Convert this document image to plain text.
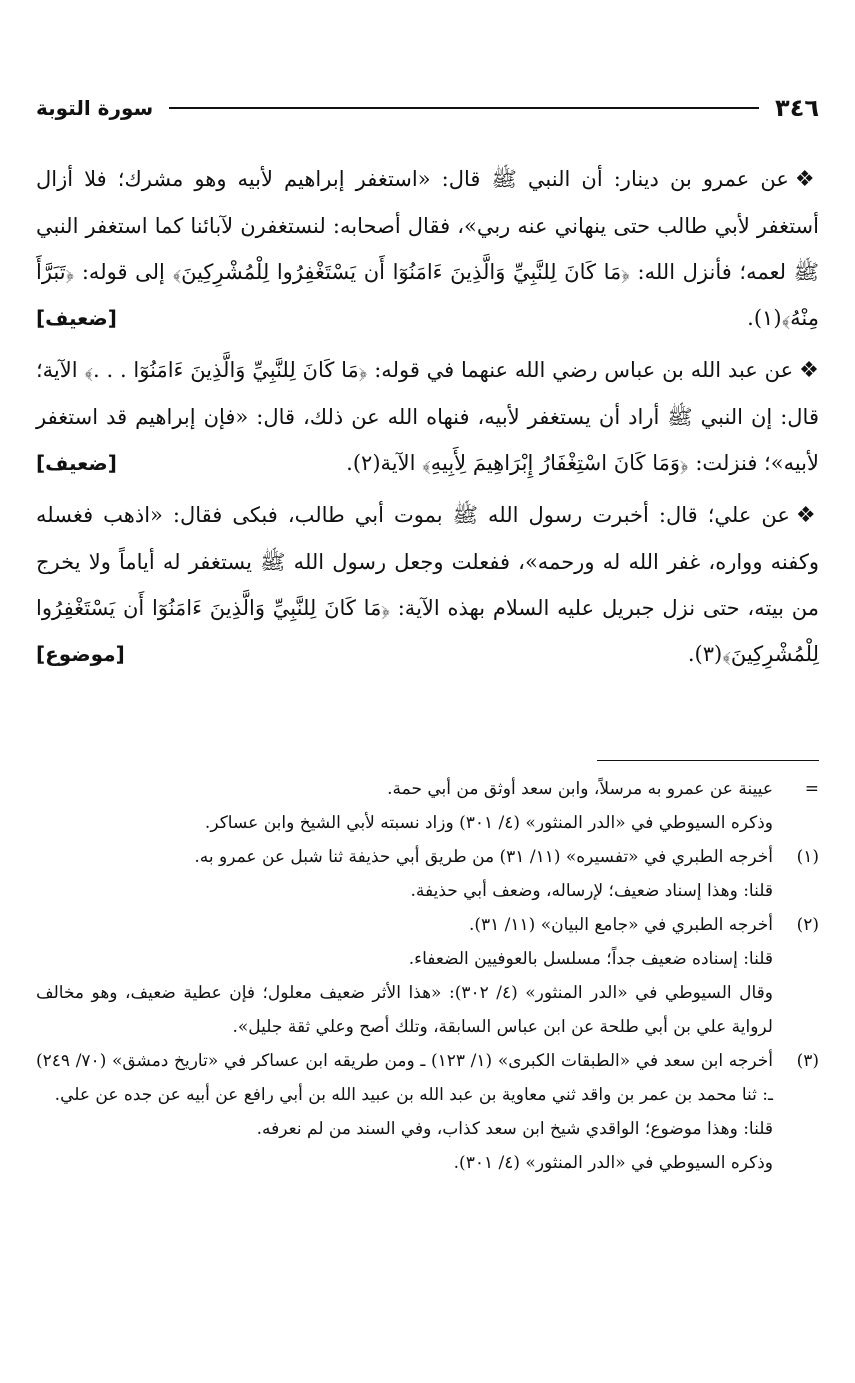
٣٤٦
سورة التوبة

❖عن عمرو بن دينار: أن النبي ﷺ قال: «استغفر إبراهيم لأبيه وهو مشرك؛ فلا أزال أستغفر لأبي طالب حتى ينهاني عنه ربي»، فقال أصحابه: لنستغفرن لآبائنا كما استغفر النبي ﷺ لعمه؛ فأنزل الله: ﴿مَا كَانَ لِلنَّبِيِّ وَالَّذِينَ ءَامَنُوٓا أَن يَسْتَغْفِرُوا لِلْمُشْرِكِينَ﴾ إلى قوله: ﴿تَبَرَّأَ مِنْهُ﴾(١).
[ضعيف]

❖عن عبد الله بن عباس رضي الله عنهما في قوله: ﴿مَا كَانَ لِلنَّبِيِّ وَالَّذِينَ ءَامَنُوٓا . . .﴾ الآية؛ قال: إن النبي ﷺ أراد أن يستغفر لأبيه، فنهاه الله عن ذلك، قال: «فإن إبراهيم قد استغفر لأبيه»؛ فنزلت: ﴿وَمَا كَانَ اسْتِغْفَارُ إِبْرَاهِيمَ لِأَبِيهِ﴾ الآية(٢).
[ضعيف]

❖عن علي؛ قال: أخبرت رسول الله ﷺ بموت أبي طالب، فبكى فقال: «اذهب فغسله وكفنه وواره، غفر الله له ورحمه»، ففعلت وجعل رسول الله ﷺ يستغفر له أياماً ولا يخرج من بيته، حتى نزل جبريل عليه السلام بهذه الآية: ﴿مَا كَانَ لِلنَّبِيِّ وَالَّذِينَ ءَامَنُوٓا أَن يَسْتَغْفِرُوا لِلْمُشْرِكِينَ﴾(٣).
[موضوع]

=
عيينة عن عمرو به مرسلاً، وابن سعد أوثق من أبي حمة.
وذكره السيوطي في «الدر المنثور» (٤/ ٣٠١) وزاد نسبته لأبي الشيخ وابن عساكر.
(١)
أخرجه الطبري في «تفسيره» (١١/ ٣١) من طريق أبي حذيفة ثنا شبل عن عمرو به.
قلنا: وهذا إسناد ضعيف؛ لإرساله، وضعف أبي حذيفة.
(٢)
أخرجه الطبري في «جامع البيان» (١١/ ٣١).
قلنا: إسناده ضعيف جداً؛ مسلسل بالعوفيين الضعفاء.
وقال السيوطي في «الدر المنثور» (٤/ ٣٠٢): «هذا الأثر ضعيف معلول؛ فإن عطية ضعيف، وهو مخالف لرواية علي بن أبي طلحة عن ابن عباس السابقة، وتلك أصح وعلي ثقة جليل».
(٣)
أخرجه ابن سعد في «الطبقات الكبرى» (١/ ١٢٣) ـ ومن طريقه ابن عساكر في «تاريخ دمشق» (٧٠/ ٢٤٩) ـ: ثنا محمد بن عمر بن واقد ثني معاوية بن عبد الله بن عبيد الله بن أبي رافع عن أبيه عن جده عن علي.
قلنا: وهذا موضوع؛ الواقدي شيخ ابن سعد كذاب، وفي السند من لم نعرفه.
وذكره السيوطي في «الدر المنثور» (٤/ ٣٠١).
